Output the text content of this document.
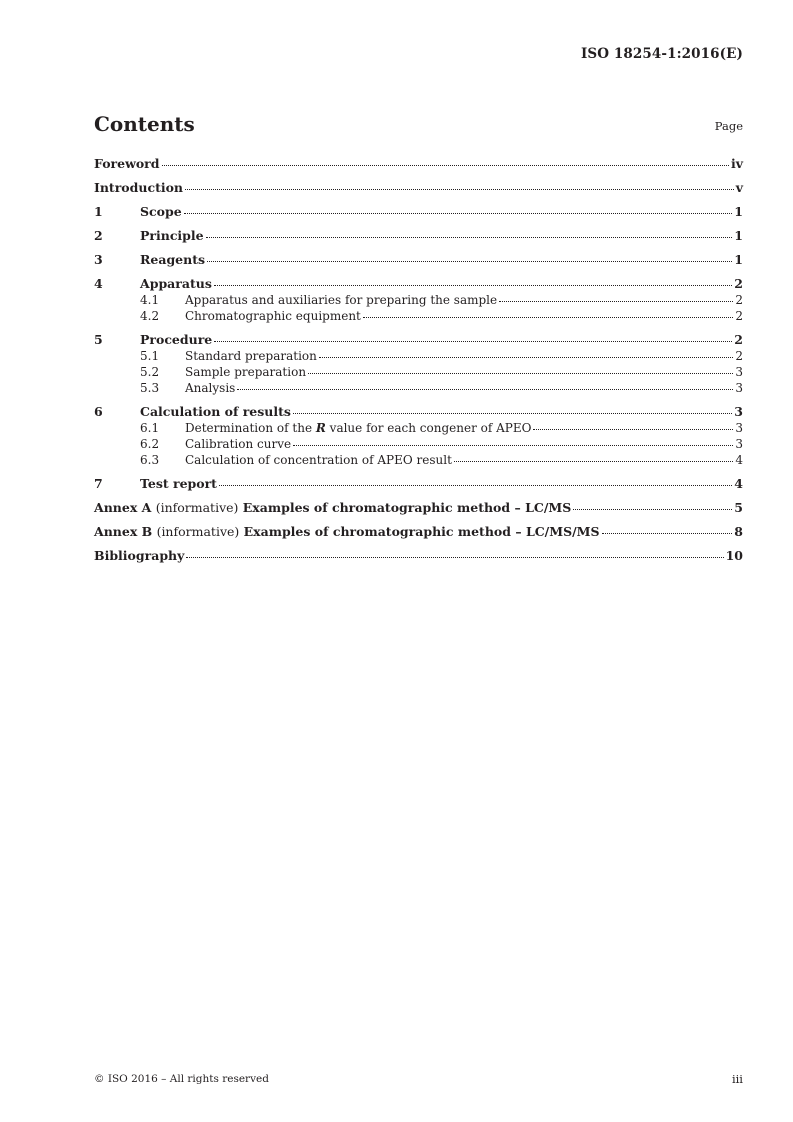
ISO 18254-1:2016(E)
Contents	Page
Foreword	iv
Introduction	v
1	Scope	1
2	Principle	1
3	Reagents	1
4	Apparatus	2
4.1	Apparatus and auxiliaries for preparing the sample	2
4.2	Chromatographic equipment	2
5	Procedure	2
5.1	Standard preparation	2
5.2	Sample preparation	3
5.3	Analysis	3
6	Calculation of results	3
6.1	Determination of the R value for each congener of APEO	3
6.2	Calibration curve	3
6.3	Calculation of concentration of APEO result	4
7	Test report	4
Annex A (informative) Examples of chromatographic method – LC/MS	5
Annex B (informative) Examples of chromatographic method – LC/MS/MS	8
Bibliography	10
© ISO 2016 – All rights reserved	iii
